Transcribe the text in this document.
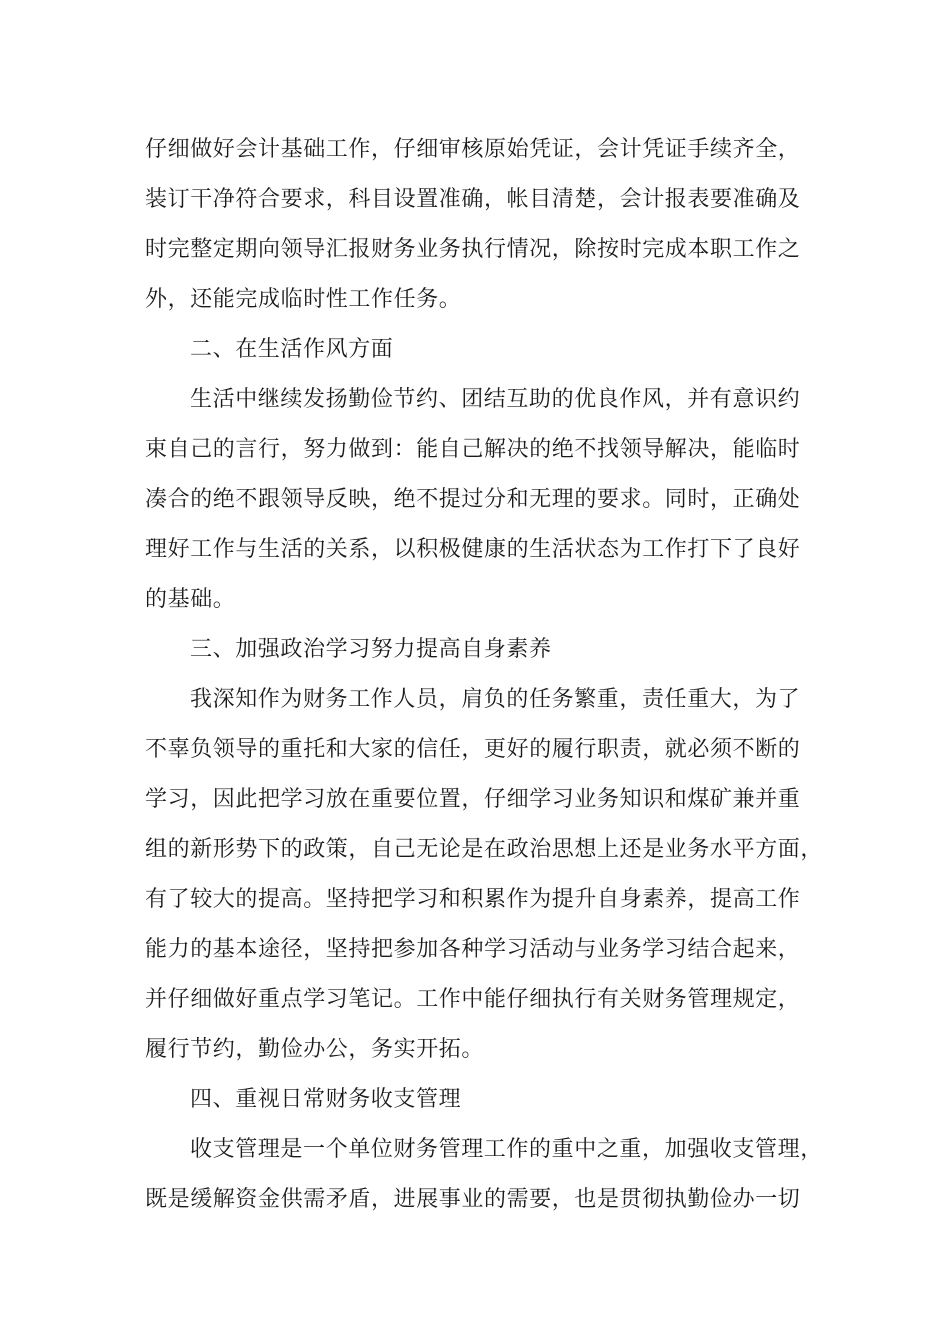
仔细做好会计基础工作，仔细审核原始凭证，会计凭证手续齐全，
装订干净符合要求，科目设置准确，帐目清楚，会计报表要准确及
时完整定期向领导汇报财务业务执行情况，除按时完成本职工作之
外，还能完成临时性工作任务。
二、在生活作风方面
生活中继续发扬勤俭节约、团结互助的优良作风，并有意识约
束自己的言行，努力做到：能自己解决的绝不找领导解决，能临时
凑合的绝不跟领导反映，绝不提过分和无理的要求。同时，正确处
理好工作与生活的关系，以积极健康的生活状态为工作打下了良好
的基础。
三、加强政治学习努力提高自身素养
我深知作为财务工作人员，肩负的任务繁重，责任重大，为了
不辜负领导的重托和大家的信任，更好的履行职责，就必须不断的
学习，因此把学习放在重要位置，仔细学习业务知识和煤矿兼并重
组的新形势下的政策，自己无论是在政治思想上还是业务水平方面，
有了较大的提高。坚持把学习和积累作为提升自身素养，提高工作
能力的基本途径，坚持把参加各种学习活动与业务学习结合起来，
并仔细做好重点学习笔记。工作中能仔细执行有关财务管理规定，
履行节约，勤俭办公，务实开拓。
四、重视日常财务收支管理
收支管理是一个单位财务管理工作的重中之重，加强收支管理，
既是缓解资金供需矛盾，进展事业的需要，也是贯彻执勤俭办一切
